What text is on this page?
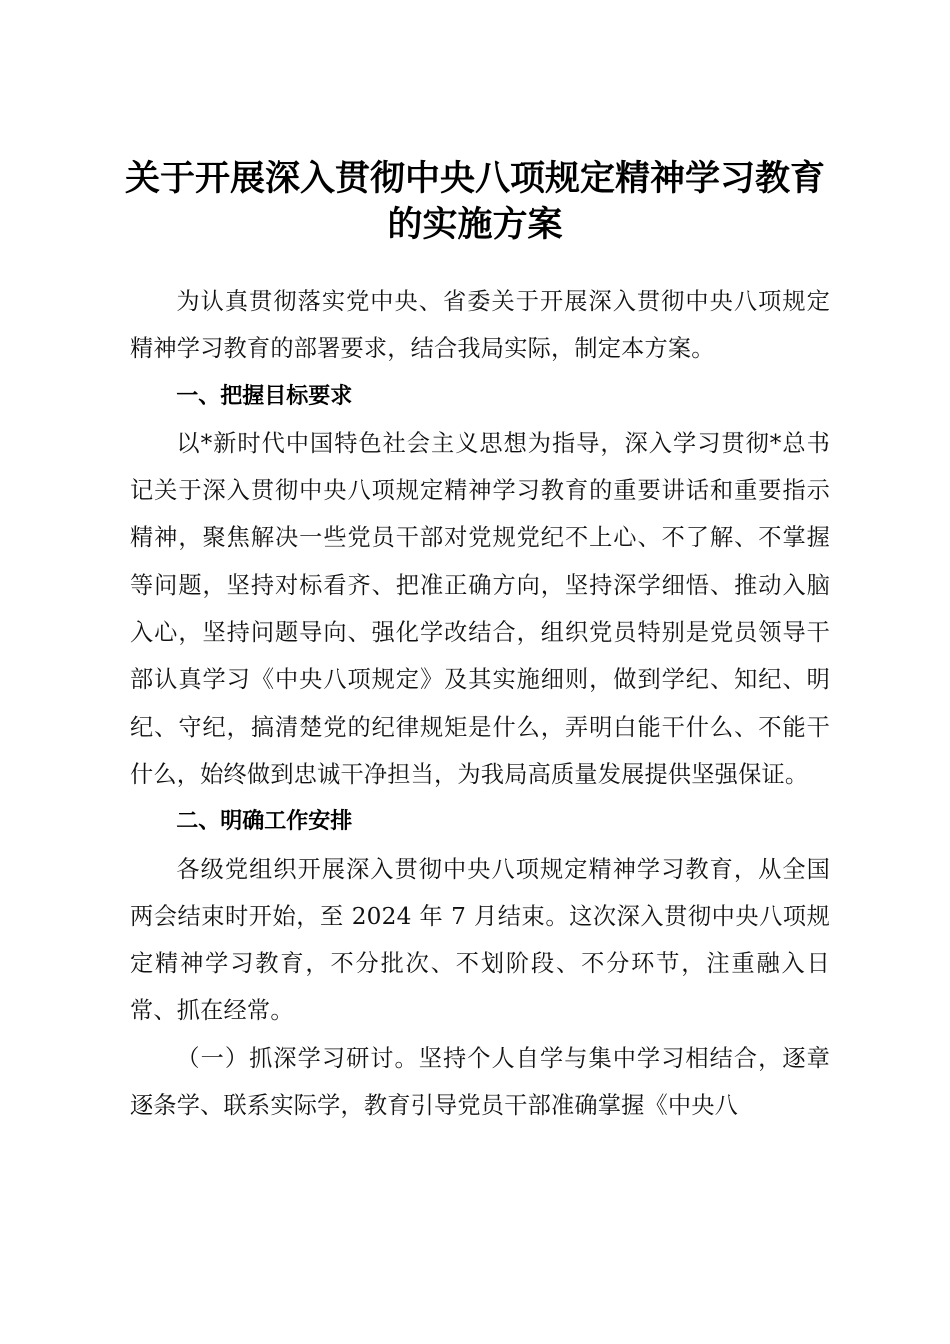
关于开展深入贯彻中央八项规定精神学习教育
的实施方案

为认真贯彻落实党中央、省委关于开展深入贯彻中央八项规定精神学习教育的部署要求，结合我局实际，制定本方案。

一、把握目标要求

以*新时代中国特色社会主义思想为指导，深入学习贯彻*总书记关于深入贯彻中央八项规定精神学习教育的重要讲话和重要指示精神，聚焦解决一些党员干部对党规党纪不上心、不了解、不掌握等问题，坚持对标看齐、把准正确方向，坚持深学细悟、推动入脑入心，坚持问题导向、强化学改结合，组织党员特别是党员领导干部认真学习《中央八项规定》及其实施细则，做到学纪、知纪、明纪、守纪，搞清楚党的纪律规矩是什么，弄明白能干什么、不能干什么，始终做到忠诚干净担当，为我局高质量发展提供坚强保证。

二、明确工作安排

各级党组织开展深入贯彻中央八项规定精神学习教育，从全国两会结束时开始，至 2024 年 7 月结束。这次深入贯彻中央八项规定精神学习教育，不分批次、不划阶段、不分环节，注重融入日常、抓在经常。

（一）抓深学习研讨。坚持个人自学与集中学习相结合，逐章逐条学、联系实际学，教育引导党员干部准确掌握《中央八
